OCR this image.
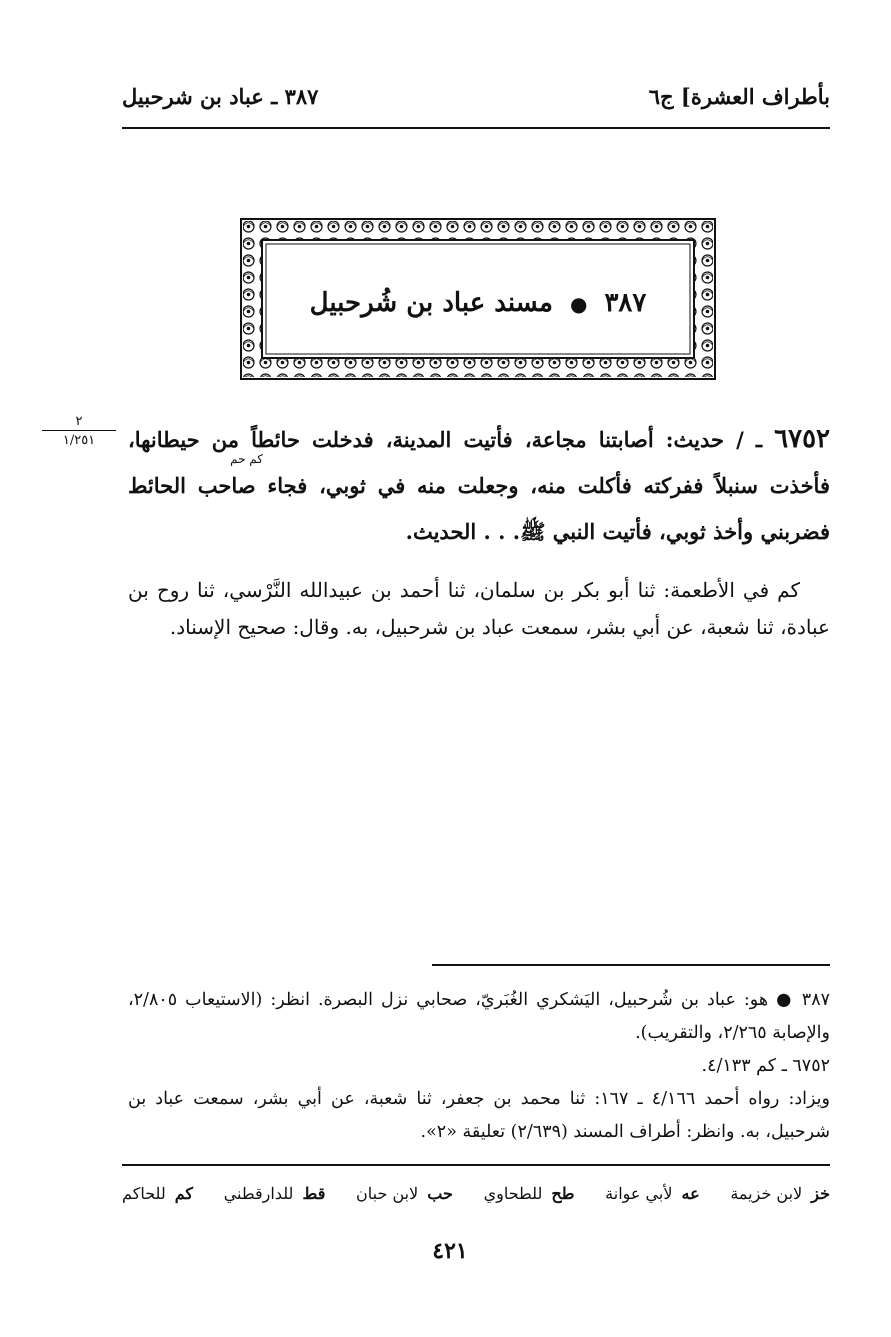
بأطراف العشرة] ج٦
٣٨٧ ـ عباد بن شرحبيل
٣٨٧ ● مسند عباد بن شُرحبيل
٢
١/٢٥١	٦٧٥٢ ـ / حديث: أصابتنا مجاعة، فأتيت المدينة، فدخلت حائطاً من حيطانها، فأخذت سنبلاً ففركته فأكلت منه، وجعلت منه في ثوبي، فجاء صاحب الحائط فضربني وأخذ ثوبي، فأتيت النبي ﷺ. . . الحديث.
كم حم
كم في الأطعمة: ثنا أبو بكر بن سلمان، ثنا أحمد بن عبيدالله النَّرْسي، ثنا روح بن عبادة، ثنا شعبة، عن أبي بشر، سمعت عباد بن شرحبيل، به. وقال: صحيح الإسناد.

٣٨٧ ● هو: عباد بن شُرحبيل، اليَشكري الغُبَريّ، صحابي نزل البصرة. انظر: (الاستيعاب ٢/٨٠٥، والإصابة ٢/٢٦٥، والتقريب).

٦٧٥٢ ـ كم ٤/١٣٣.

ويزاد: رواه أحمد ٤/١٦٦ ـ ١٦٧: ثنا محمد بن جعفر، ثنا شعبة، عن أبي بشر، سمعت عباد بن شرحبيل، به. وانظر: أطراف المسند (٢/٦٣٩) تعليقة «٢».

خز لابن خزيمة
عه لأبي عوانة
طح للطحاوي
حب لابن حبان
قط للدارقطني
كم للحاكم
٤٢١
